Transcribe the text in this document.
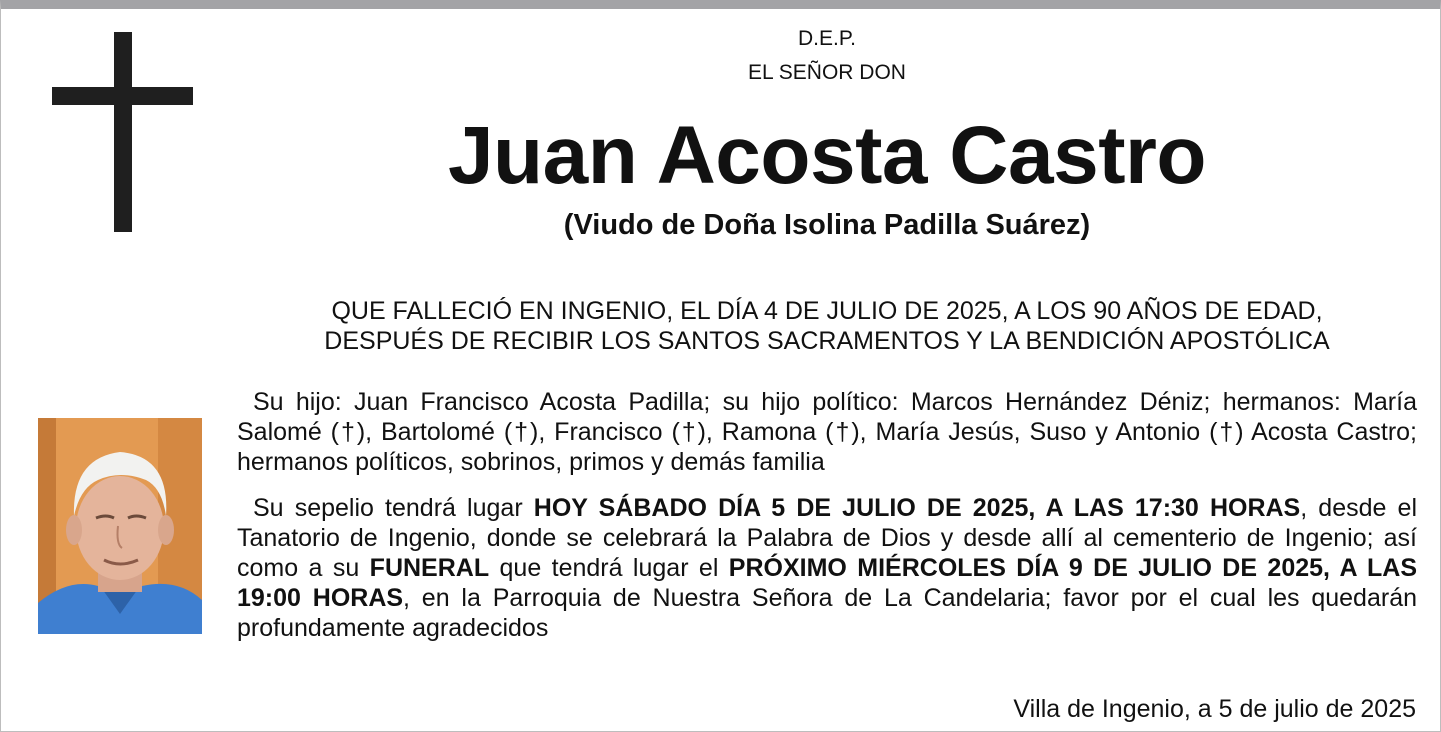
D.E.P.
EL SEÑOR DON
Juan Acosta Castro
(Viudo de Doña Isolina Padilla Suárez)
QUE FALLECIÓ EN INGENIO, EL DÍA 4 DE JULIO DE 2025, A LOS 90 AÑOS DE EDAD,
DESPUÉS DE RECIBIR LOS SANTOS SACRAMENTOS Y LA BENDICIÓN APOSTÓLICA
Su hijo: Juan Francisco Acosta Padilla; su hijo político: Marcos Hernández Déniz; hermanos: María Salomé (†), Bartolomé (†), Francisco (†), Ramona (†), María Jesús, Suso y Antonio (†) Acosta Castro; hermanos políticos, sobrinos, primos y demás familia
Su sepelio tendrá lugar HOY SÁBADO DÍA 5 DE JULIO DE 2025, A LAS 17:30 HORAS, desde el Tanatorio de Ingenio, donde se celebrará la Palabra de Dios y desde allí al cementerio de Ingenio; así como a su FUNERAL que tendrá lugar el PRÓXIMO MIÉRCOLES DÍA 9 DE JULIO DE 2025, A LAS 19:00 HORAS, en la Parroquia de Nuestra Señora de La Candelaria; favor por el cual les quedarán profundamente agradecidos
Villa de Ingenio, a 5 de julio de 2025
